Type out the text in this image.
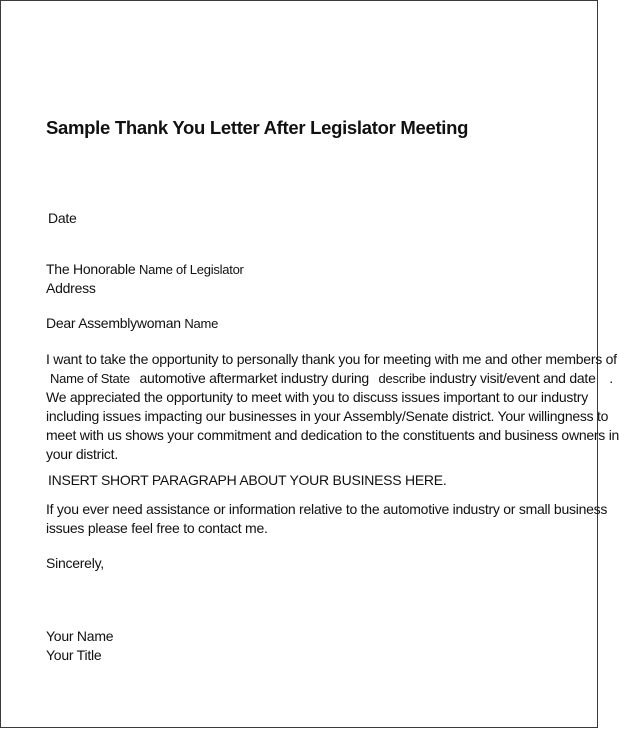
Sample Thank You Letter After Legislator Meeting
Date
The Honorable Name of Legislator
Address
Dear Assemblywoman Name
I want to take the opportunity to personally thank you for meeting with me and other members of
Name of State automotive aftermarket industry during describe industry visit/event and date .
We appreciated the opportunity to meet with you to discuss issues important to our industry
including issues impacting our businesses in your Assembly/Senate district. Your willingness to
meet with us shows your commitment and dedication to the constituents and business owners in
your district.
INSERT SHORT PARAGRAPH ABOUT YOUR BUSINESS HERE.
If you ever need assistance or information relative to the automotive industry or small business
issues please feel free to contact me.
Sincerely,
Your Name
Your Title
